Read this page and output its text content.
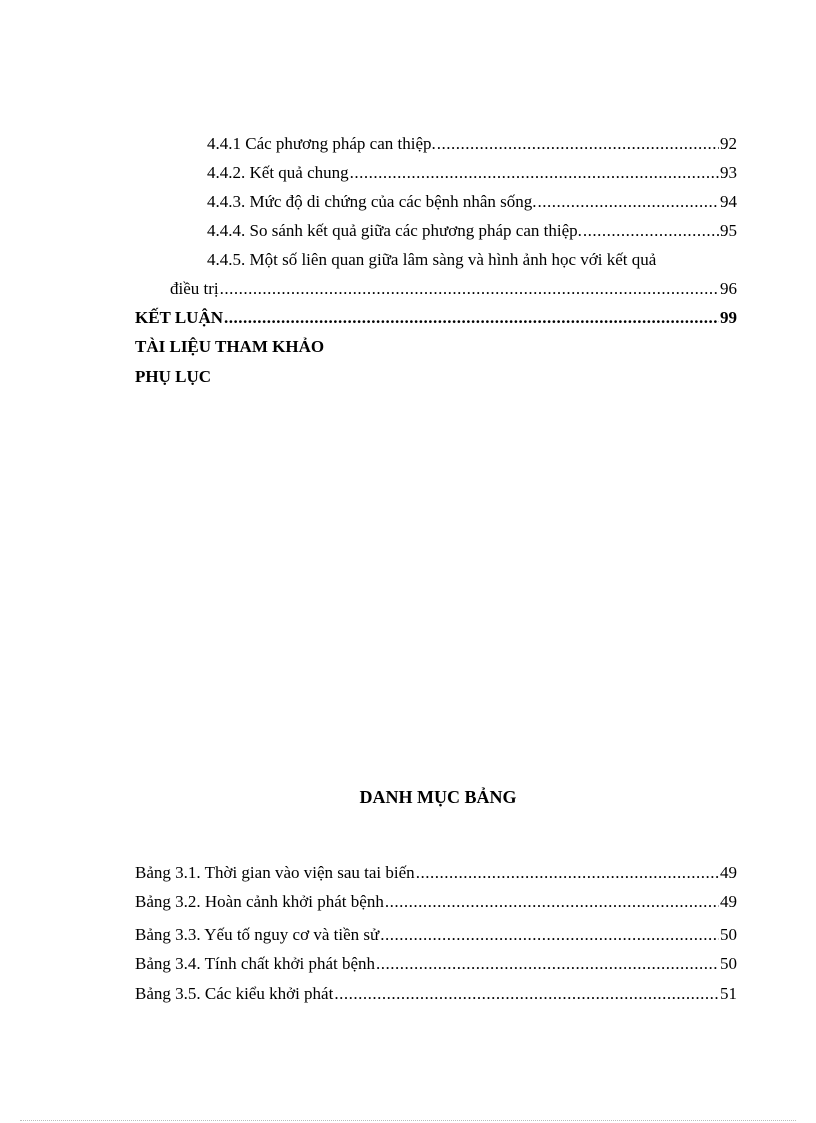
4.4.1 Các phương pháp can thiệp. .....	92
4.4.2. Kết quả chung .....	93
4.4.3. Mức độ di chứng của các bệnh nhân sống. .....	94
4.4.4. So sánh kết quả giữa các phương pháp can thiệp. .....	95
4.4.5. Một số liên quan giữa lâm sàng và hình ảnh học với kết quả
điều trị .....	96
KẾT LUẬN .....	99
TÀI LIỆU THAM KHẢO
PHỤ LỤC
DANH MỤC BẢNG
Bảng 3.1. Thời gian vào viện sau tai biến .....	49
Bảng 3.2. Hoàn cảnh khởi phát bệnh .....	49
Bảng 3.3. Yếu tố nguy cơ và tiền sử .....	50
Bảng 3.4. Tính chất khởi phát bệnh .....	50
Bảng 3.5. Các kiểu khởi phát .....	51
